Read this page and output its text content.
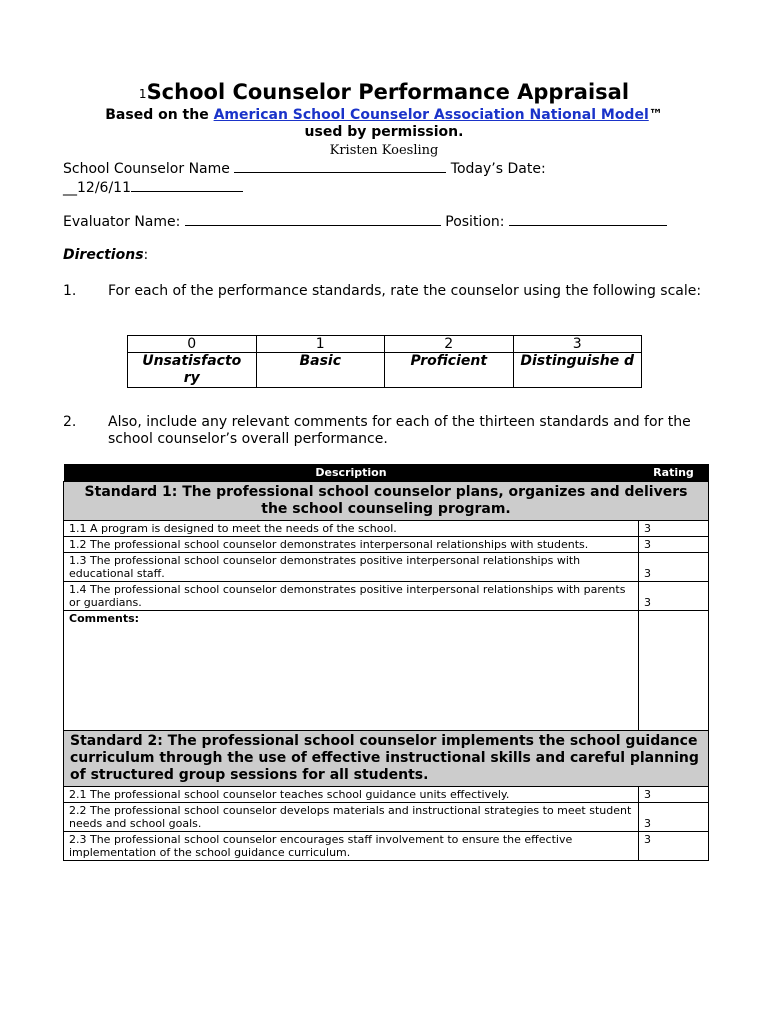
$^1$School Counselor Performance Appraisal
Based on the American School Counselor Association National Model™
used by permission.
Kristen Koesling
School Counselor Name	Today’s Date:
__12/6/11
Evaluator Name:	Position:
Directions:
1. For each of the performance standards, rate the counselor using the following scale:
0	1	2	3
Unsatisfacto ry	Basic	Proficient	Distinguishe d
2. Also, include any relevant comments for each of the thirteen standards and for the school counselor’s overall performance.
Description	Rating
Standard 1: The professional school counselor plans, organizes and delivers the school counseling program.	
1.1 A program is designed to meet the needs of the school.	3
1.2 The professional school counselor demonstrates interpersonal relationships with students.	3
1.3 The professional school counselor demonstrates positive interpersonal relationships with educational staff.	3
1.4 The professional school counselor demonstrates positive interpersonal relationships with parents or guardians.	3
Comments:	
Standard 2: The professional school counselor implements the school guidance curriculum through the use of effective instructional skills and careful planning of structured group sessions for all students.	
2.1 The professional school counselor teaches school guidance units effectively.	3
2.2 The professional school counselor develops materials and instructional strategies to meet student needs and school goals.	3
2.3 The professional school counselor encourages staff involvement to ensure the effective implementation of the school guidance curriculum.	3
